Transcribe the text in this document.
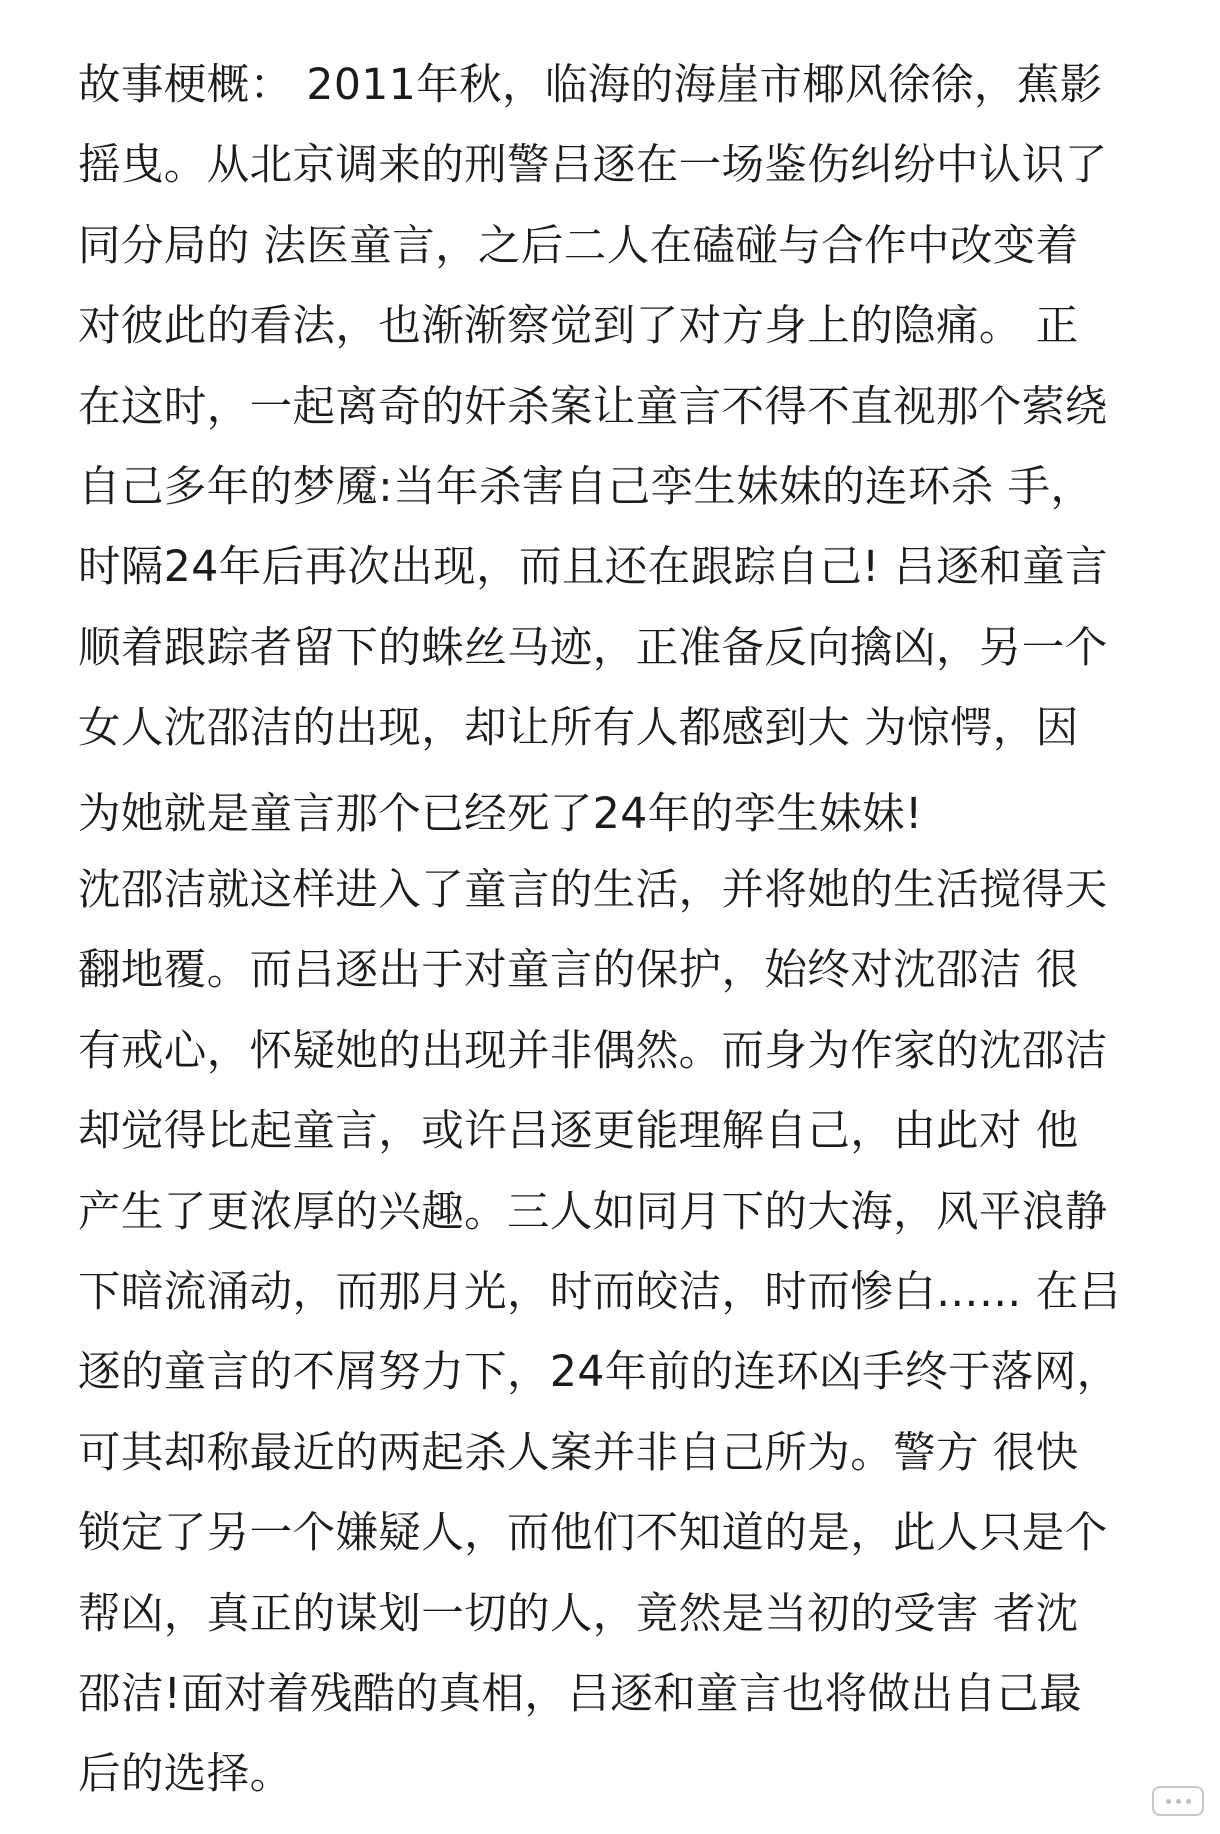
故事梗概： 2011年秋，临海的海崖市椰风徐徐，蕉影
摇曳。从北京调来的刑警吕逐在一场鉴伤纠纷中认识了
同分局的 法医童言，之后二人在磕碰与合作中改变着
对彼此的看法，也渐渐察觉到了对方身上的隐痛。 正
在这时，一起离奇的奸杀案让童言不得不直视那个萦绕
自己多年的梦魇:当年杀害自己孪生妹妹的连环杀 手，
时隔24年后再次出现，而且还在跟踪自己! 吕逐和童言
顺着跟踪者留下的蛛丝马迹，正准备反向擒凶，另一个
女人沈邵洁的出现，却让所有人都感到大 为惊愕，因
为她就是童言那个已经死了24年的孪生妹妹!
沈邵洁就这样进入了童言的生活，并将她的生活搅得天
翻地覆。而吕逐出于对童言的保护，始终对沈邵洁 很
有戒心，怀疑她的出现并非偶然。而身为作家的沈邵洁
却觉得比起童言，或许吕逐更能理解自己，由此对 他
产生了更浓厚的兴趣。三人如同月下的大海，风平浪静
下暗流涌动，而那月光，时而皎洁，时而惨白…… 在吕
逐的童言的不屑努力下，24年前的连环凶手终于落网，
可其却称最近的两起杀人案并非自己所为。警方 很快
锁定了另一个嫌疑人，而他们不知道的是，此人只是个
帮凶，真正的谋划一切的人，竟然是当初的受害 者沈
邵洁!面对着残酷的真相，吕逐和童言也将做出自己最
后的选择。
